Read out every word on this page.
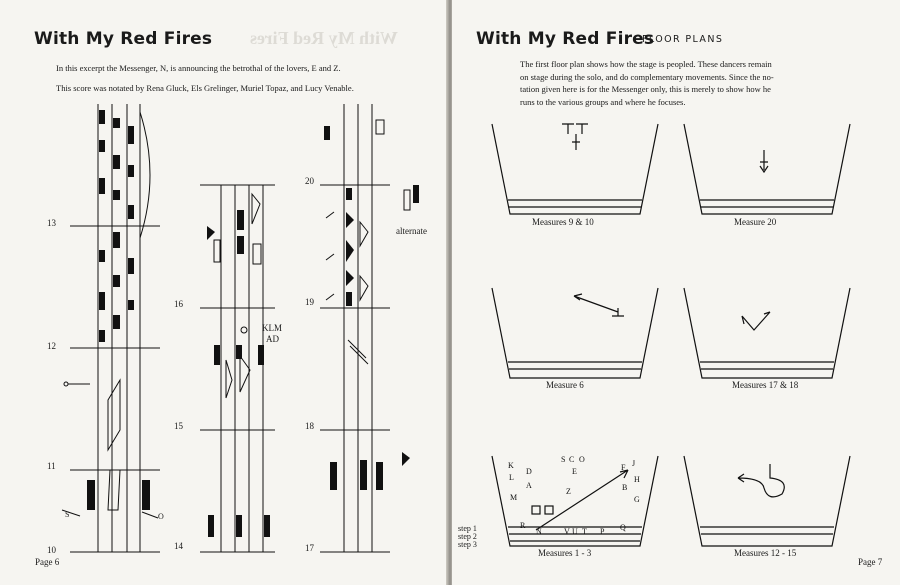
With My Red Fires
With My Red Fires
In this excerpt the Messenger, N, is announcing the betrothal of the lovers, E and Z.
This score was notated by Rena Gluck, Els Grelinger, Muriel Topaz, and Lucy Venable.
13
12
11
10
16
15
14
20
19
18
17
alternate
KLM
AD
S	O
Page 6
With My Red Fires
FLOOR PLANS
The first floor plan shows how the stage is peopled. These dancers remain
on stage during the solo, and do complementary movements. Since the no-
tation given here is for the Messenger only, this is merely to show how he
runs to the various groups and where he focuses.
K
L
M
D
A
S C O
E
Z
F J
H
B
G
R
N	V U T P Q
Measures 9 & 10	Measure 20
Measure 6	Measures 17 & 18
Measures 1 - 3	Measures 12 - 15
step 1
step 2
step 3
Page 7
